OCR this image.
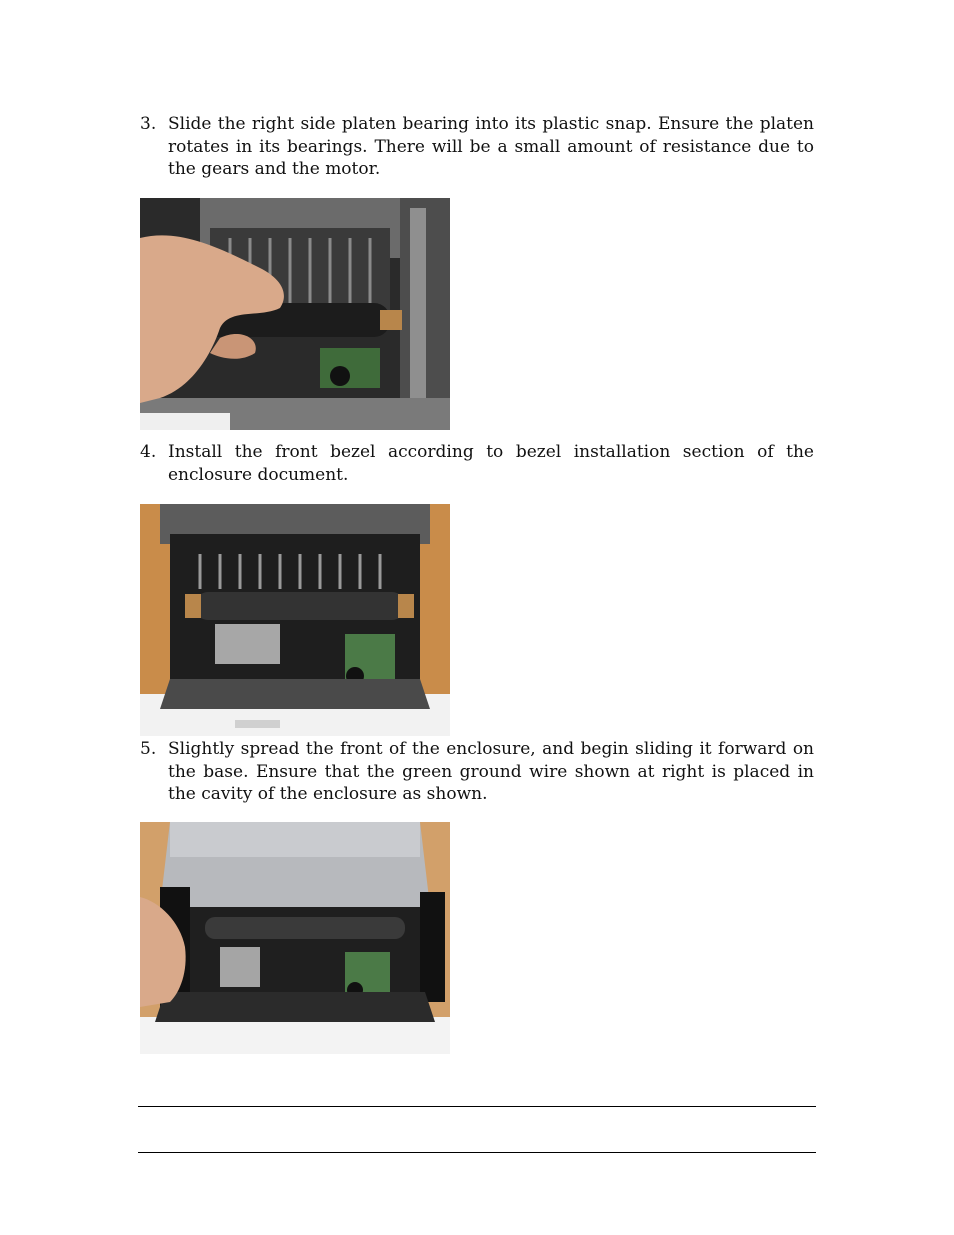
3. Slide the right side platen bearing into its plastic snap. Ensure the platen rotates in its bearings. There will be a small amount of resistance due to the gears and the motor.
4. Install the front bezel according to bezel installation section of the enclosure document.
5. Slightly spread the front of the enclosure, and begin sliding it forward on the base. Ensure that the green ground wire shown at right is placed in the cavity of the enclosure as shown.
